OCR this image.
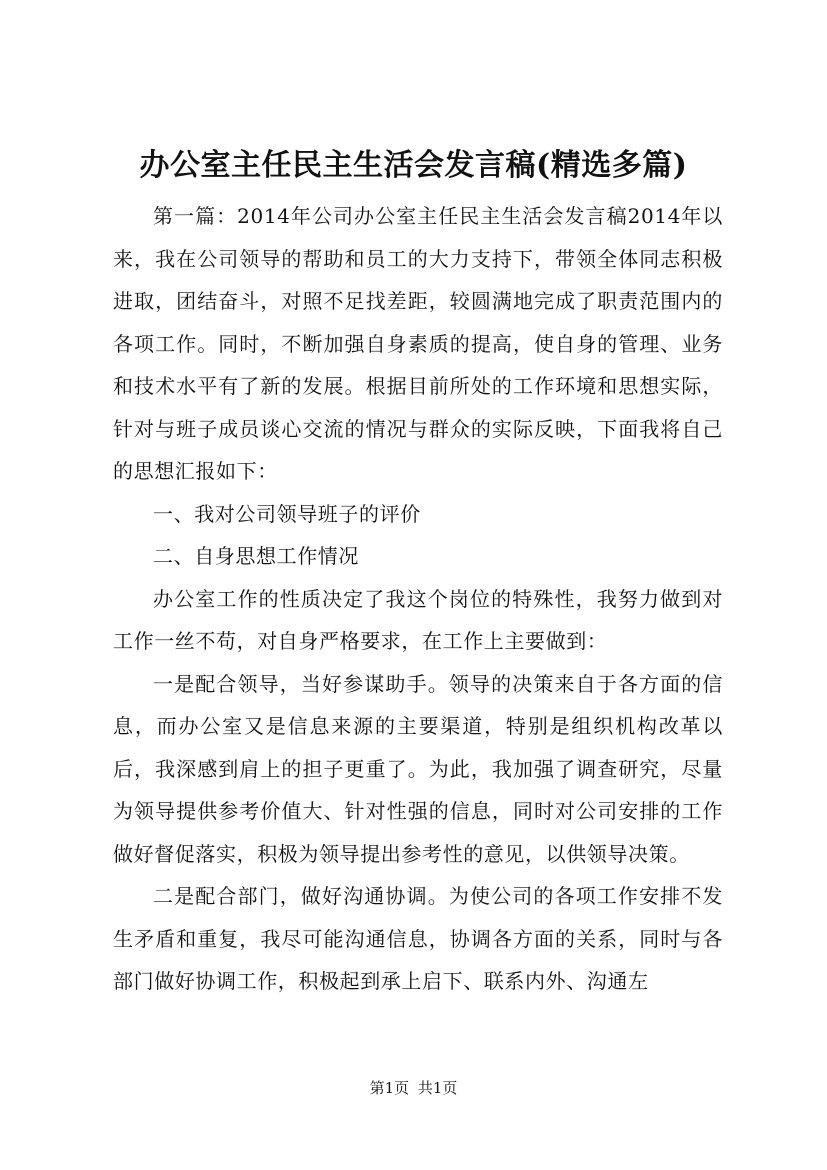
办公室主任民主生活会发言稿(精选多篇)

第一篇：2014年公司办公室主任民主生活会发言稿2014年以来，我在公司领导的帮助和员工的大力支持下，带领全体同志积极进取，团结奋斗，对照不足找差距，较圆满地完成了职责范围内的各项工作。同时，不断加强自身素质的提高，使自身的管理、业务和技术水平有了新的发展。根据目前所处的工作环境和思想实际，针对与班子成员谈心交流的情况与群众的实际反映，下面我将自己的思想汇报如下：

一、我对公司领导班子的评价

二、自身思想工作情况

办公室工作的性质决定了我这个岗位的特殊性，我努力做到对工作一丝不苟，对自身严格要求，在工作上主要做到：

一是配合领导，当好参谋助手。领导的决策来自于各方面的信息，而办公室又是信息来源的主要渠道，特别是组织机构改革以后，我深感到肩上的担子更重了。为此，我加强了调查研究，尽量为领导提供参考价值大、针对性强的信息，同时对公司安排的工作做好督促落实，积极为领导提出参考性的意见，以供领导决策。

二是配合部门，做好沟通协调。为使公司的各项工作安排不发生矛盾和重复，我尽可能沟通信息，协调各方面的关系，同时与各部门做好协调工作，积极起到承上启下、联系内外、沟通左

第1页 共1页
